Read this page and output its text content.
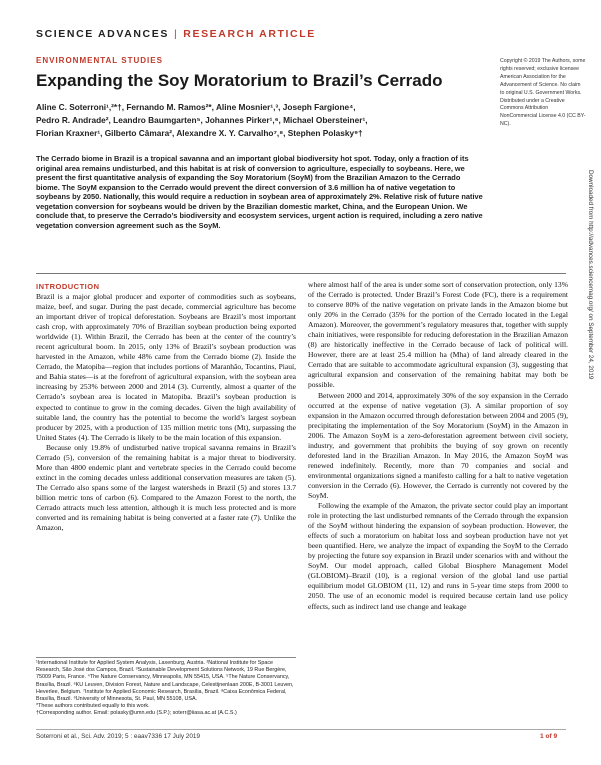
SCIENCE ADVANCES | RESEARCH ARTICLE
ENVIRONMENTAL STUDIES
Expanding the Soy Moratorium to Brazil’s Cerrado
Aline C. Soterroni¹,²*†, Fernando M. Ramos²*, Aline Mosnier¹,³, Joseph Fargione⁴,
Pedro R. Andrade², Leandro Baumgarten⁵, Johannes Pirker¹,⁶, Michael Obersteiner¹,
Florian Kraxner¹, Gilberto Câmara², Alexandre X. Y. Carvalho⁷,⁸, Stephen Polasky⁹†
Copyright © 2019 The Authors, some rights reserved; exclusive licensee American Association for the Advancement of Science. No claim to original U.S. Government Works. Distributed under a Creative Commons Attribution NonCommercial License 4.0 (CC BY-NC).
The Cerrado biome in Brazil is a tropical savanna and an important global biodiversity hot spot. Today, only a fraction of its original area remains undisturbed, and this habitat is at risk of conversion to agriculture, especially to soybeans. Here, we present the first quantitative analysis of expanding the Soy Moratorium (SoyM) from the Brazilian Amazon to the Cerrado biome. The SoyM expansion to the Cerrado would prevent the direct conversion of 3.6 million ha of native vegetation to soybeans by 2050. Nationally, this would require a reduction in soybean area of approximately 2%. Relative risk of future native vegetation conversion for soybeans would be driven by the Brazilian domestic market, China, and the European Union. We conclude that, to preserve the Cerrado’s biodiversity and ecosystem services, urgent action is required, including a zero native vegetation conversion agreement such as the SoyM.
INTRODUCTION

Brazil is a major global producer and exporter of commodities such as soybeans, maize, beef, and sugar. During the past decade, commercial agriculture has become an important driver of tropical deforestation. Soybeans are Brazil’s most important cash crop, with approximately 70% of Brazilian soybean production being exported worldwide (1). Within Brazil, the Cerrado has been at the center of the country’s recent agricultural boom. In 2015, only 13% of Brazil’s soybean production was harvested in the Amazon, while 48% came from the Cerrado biome (2). Inside the Cerrado, the Matopiba—region that includes portions of Maranhão, Tocantins, Piauí, and Bahia states—is at the forefront of agricultural expansion, with the soybean area increasing by 253% between 2000 and 2014 (3). Currently, almost a quarter of the Cerrado’s soybean area is located in Matopiba. Brazil’s soybean production is expected to continue to grow in the coming decades. Given the high availability of suitable land, the country has the potential to become the world’s largest soybean producer by 2025, with a production of 135 million metric tons (Mt), surpassing the United States (4). The Cerrado is likely to be the main location of this expansion.

Because only 19.8% of undisturbed native tropical savanna remains in Brazil’s Cerrado (5), conversion of the remaining habitat is a major threat to biodiversity. More than 4800 endemic plant and vertebrate species in the Cerrado could become extinct in the coming decades unless additional conservation measures are taken (5). The Cerrado also spans some of the largest watersheds in Brazil (5) and stores 13.7 billion metric tons of carbon (6). Compared to the Amazon Forest to the north, the Cerrado attracts much less attention, although it is much less protected and is more converted and its remaining habitat is being converted at a faster rate (7). Unlike the Amazon,

¹International Institute for Applied System Analysis, Laxenburg, Austria. ²National Institute for Space Research, São José dos Campos, Brazil. ³Sustainable Development Solutions Network, 19 Rue Bergère, 75009 Paris, France. ⁴The Nature Conservancy, Minneapolis, MN 55415, USA. ⁵The Nature Conservancy, Brasília, Brazil. ⁶KU Leuven, Division Forest, Nature and Landscape, Celestijnenlaan 200E, B-3001 Leuven, Heverlee, Belgium. ⁷Institute for Applied Economic Research, Brasília, Brazil. ⁸Caixa Econômica Federal, Brasília, Brazil. ⁹University of Minnesota, St. Paul, MN 55108, USA.

*These authors contributed equally to this work.

†Corresponding author. Email: polasky@umn.edu (S.P.); soterr@iiasa.ac.at (A.C.S.)

where almost half of the area is under some sort of conservation protection, only 13% of the Cerrado is protected. Under Brazil’s Forest Code (FC), there is a requirement to conserve 80% of the native vegetation on private lands in the Amazon biome but only 20% in the Cerrado (35% for the portion of the Cerrado located in the Legal Amazon). Moreover, the government’s regulatory measures that, together with supply chain initiatives, were responsible for reducing deforestation in the Brazilian Amazon (8) are historically ineffective in the Cerrado because of lack of political will. However, there are at least 25.4 million ha (Mha) of land already cleared in the Cerrado that are suitable to accommodate agricultural expansion (3), suggesting that agricultural expansion and conservation of the remaining habitat may both be possible.

Between 2000 and 2014, approximately 30% of the soy expansion in the Cerrado occurred at the expense of native vegetation (3). A similar proportion of soy expansion in the Amazon occurred through deforestation between 2004 and 2005 (9), precipitating the implementation of the Soy Moratorium (SoyM) in the Amazon in 2006. The Amazon SoyM is a zero-deforestation agreement between civil society, industry, and government that prohibits the buying of soy grown on recently deforested land in the Brazilian Amazon. In May 2016, the Amazon SoyM was renewed indefinitely. Recently, more than 70 companies and social and environmental organizations signed a manifesto calling for a halt to native vegetation conversion in the Cerrado (6). However, the Cerrado is currently not covered by the SoyM.

Following the example of the Amazon, the private sector could play an important role in protecting the last undisturbed remnants of the Cerrado through the expansion of the SoyM without hindering the expansion of soybean production. However, the effects of such a moratorium on habitat loss and soybean production have not yet been quantified. Here, we analyze the impact of expanding the SoyM to the Cerrado by projecting the future soy expansion in Brazil under scenarios with and without the SoyM. Our model approach, called Global Biosphere Management Model (GLOBIOM)–Brazil (10), is a regional version of the global land use partial equilibrium model GLOBIOM (11, 12) and runs in 5-year time steps from 2000 to 2050. The use of an economic model is required because certain land use policy effects, such as indirect land use change and leakage

Soterroni et al., Sci. Adv. 2019; 5 : eaav7336 17 July 2019	1 of 9
Downloaded from http://advances.sciencemag.org/ on September 24, 2019
